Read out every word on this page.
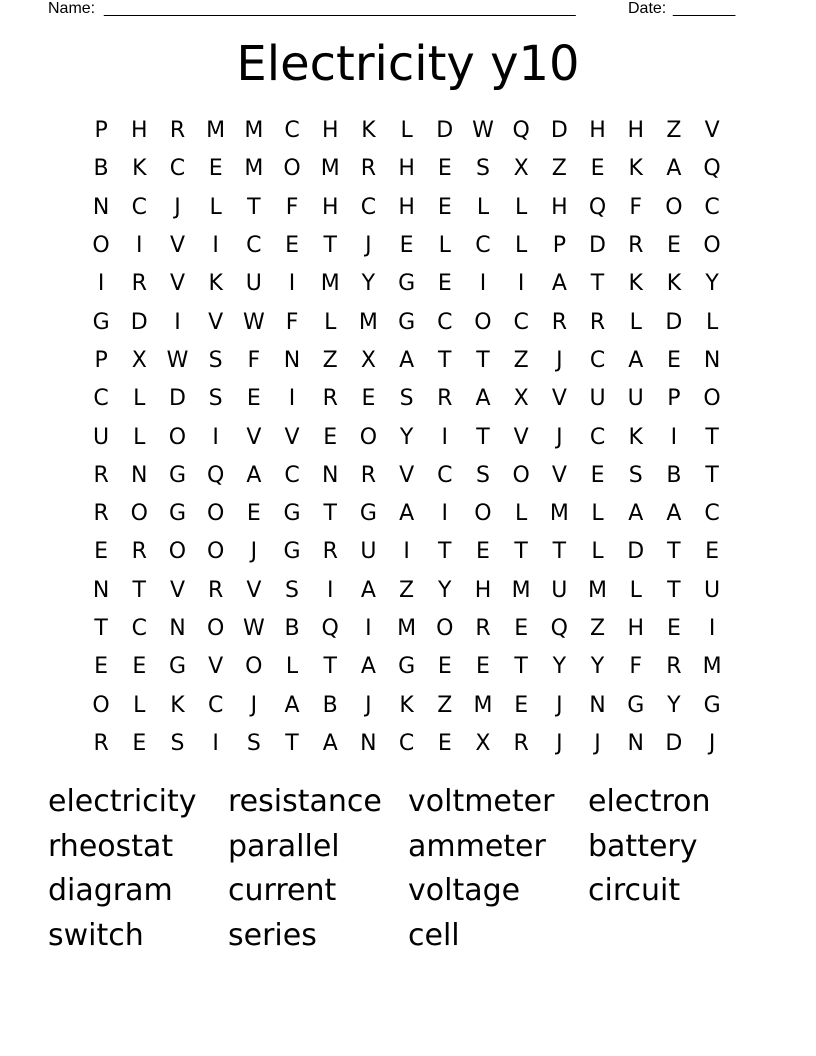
Name: _____________________________________________________	Date: _______
Electricity y10
P	H	R M M C	H	K	L	D W Q D H H	Z	V
B	K	C	E M O M R	H	E	S	X	Z	E	K	A Q
N	C	J	L	T	F	H	C	H	E	L	L	H Q	F	O C
O	I	V	I	C	E	T	J	E	L	C	L	P	D	R	E	O
I	R	V	K	U	I	M Y	G	E	I	I	A	T	K	K	Y
G D	I	V W F	L	M G C O C	R	R	L	D	L
P	X W S	F	N	Z	X	A	T	T	Z	J	C	A	E	N
C	L	D	S	E	I	R	E	S	R	A	X	V	U	U	P	O
U	L	O	I	V	V	E	O	Y	I	T	V	J	C	K	I	T
R	N G Q	A	C	N	R	V	C	S	O	V	E	S	B	T
R O G O	E	G	T	G	A	I	O	L	M	L	A	A	C
E	R O O	J	G	R	U	I	T	E	T	T	L	D	T	E
N	T	V	R	V	S	I	A	Z	Y	H M U M	L	T	U
T	C	N O W B Q	I	M O R	E	Q Z	H	E	I
E	E	G	V O	L	T	A	G	E	E	T	Y	Y	F	R M
O	L	K	C	J	A	B	J	K	Z M E	J	N G	Y	G
R	E	S	I	S	T	A	N	C	E	X	R	J	J	N D	J
electricity	resistance voltmeter	electron
rheostat	parallel	ammeter	battery
diagram	current	voltage	circuit
switch	series	cell
